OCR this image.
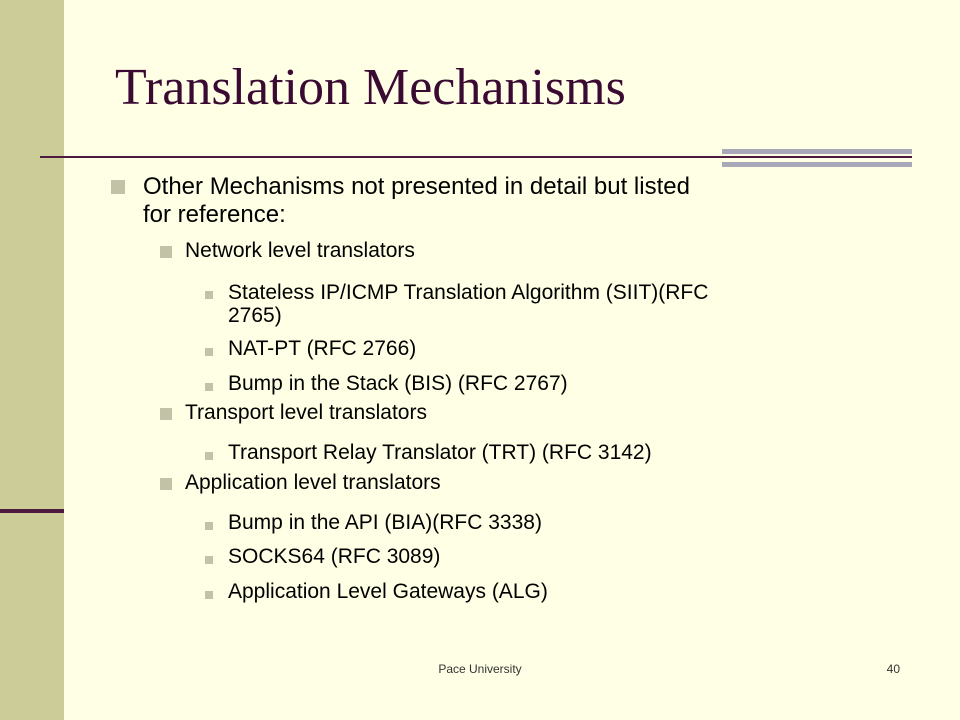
Translation Mechanisms
Other Mechanisms not presented in detail but listed
for reference:
Network level translators
Stateless IP/ICMP Translation Algorithm (SIIT)(RFC
2765)
NAT-PT (RFC 2766)
Bump in the Stack (BIS) (RFC 2767)
Transport level translators
Transport Relay Translator (TRT) (RFC 3142)
Application level translators
Bump in the API (BIA)(RFC 3338)
SOCKS64 (RFC 3089)
Application Level Gateways (ALG)
Pace University	40
